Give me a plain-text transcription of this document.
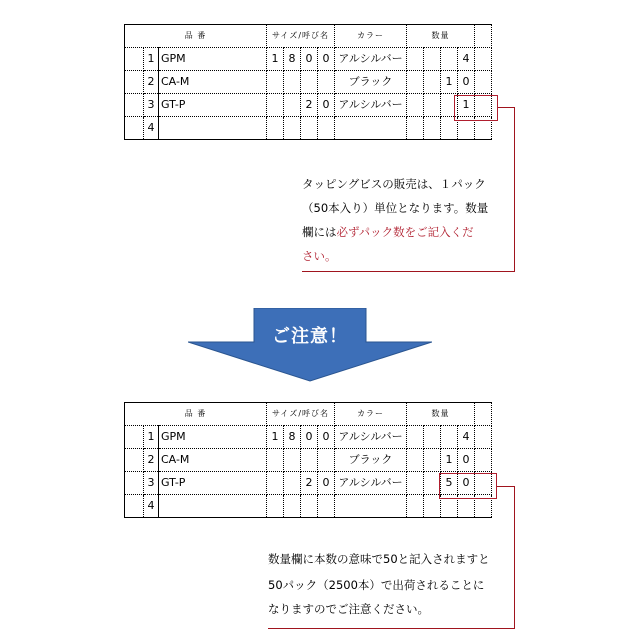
品 番			サイズ/呼び名				カラー	数量				
	1	GPM	1	8	0	0	アルシルバー				4	
	2	CA-M					ブラック			1	0	
	3	GT-P			2	0	アルシルバー				1	
	4											
タッピングビスの販売は、１パック
（50本入り）単位となります。数量
欄には必ずパック数をご記入くだ
さい。
ご注意！
品 番			サイズ/呼び名				カラー	数量				
	1	GPM	1	8	0	0	アルシルバー				4	
	2	CA-M					ブラック			1	0	
	3	GT-P			2	0	アルシルバー			5	0	
	4											
数量欄に本数の意味で50と記入されますと
50パック（2500本）で出荷されることに
なりますのでご注意ください。
